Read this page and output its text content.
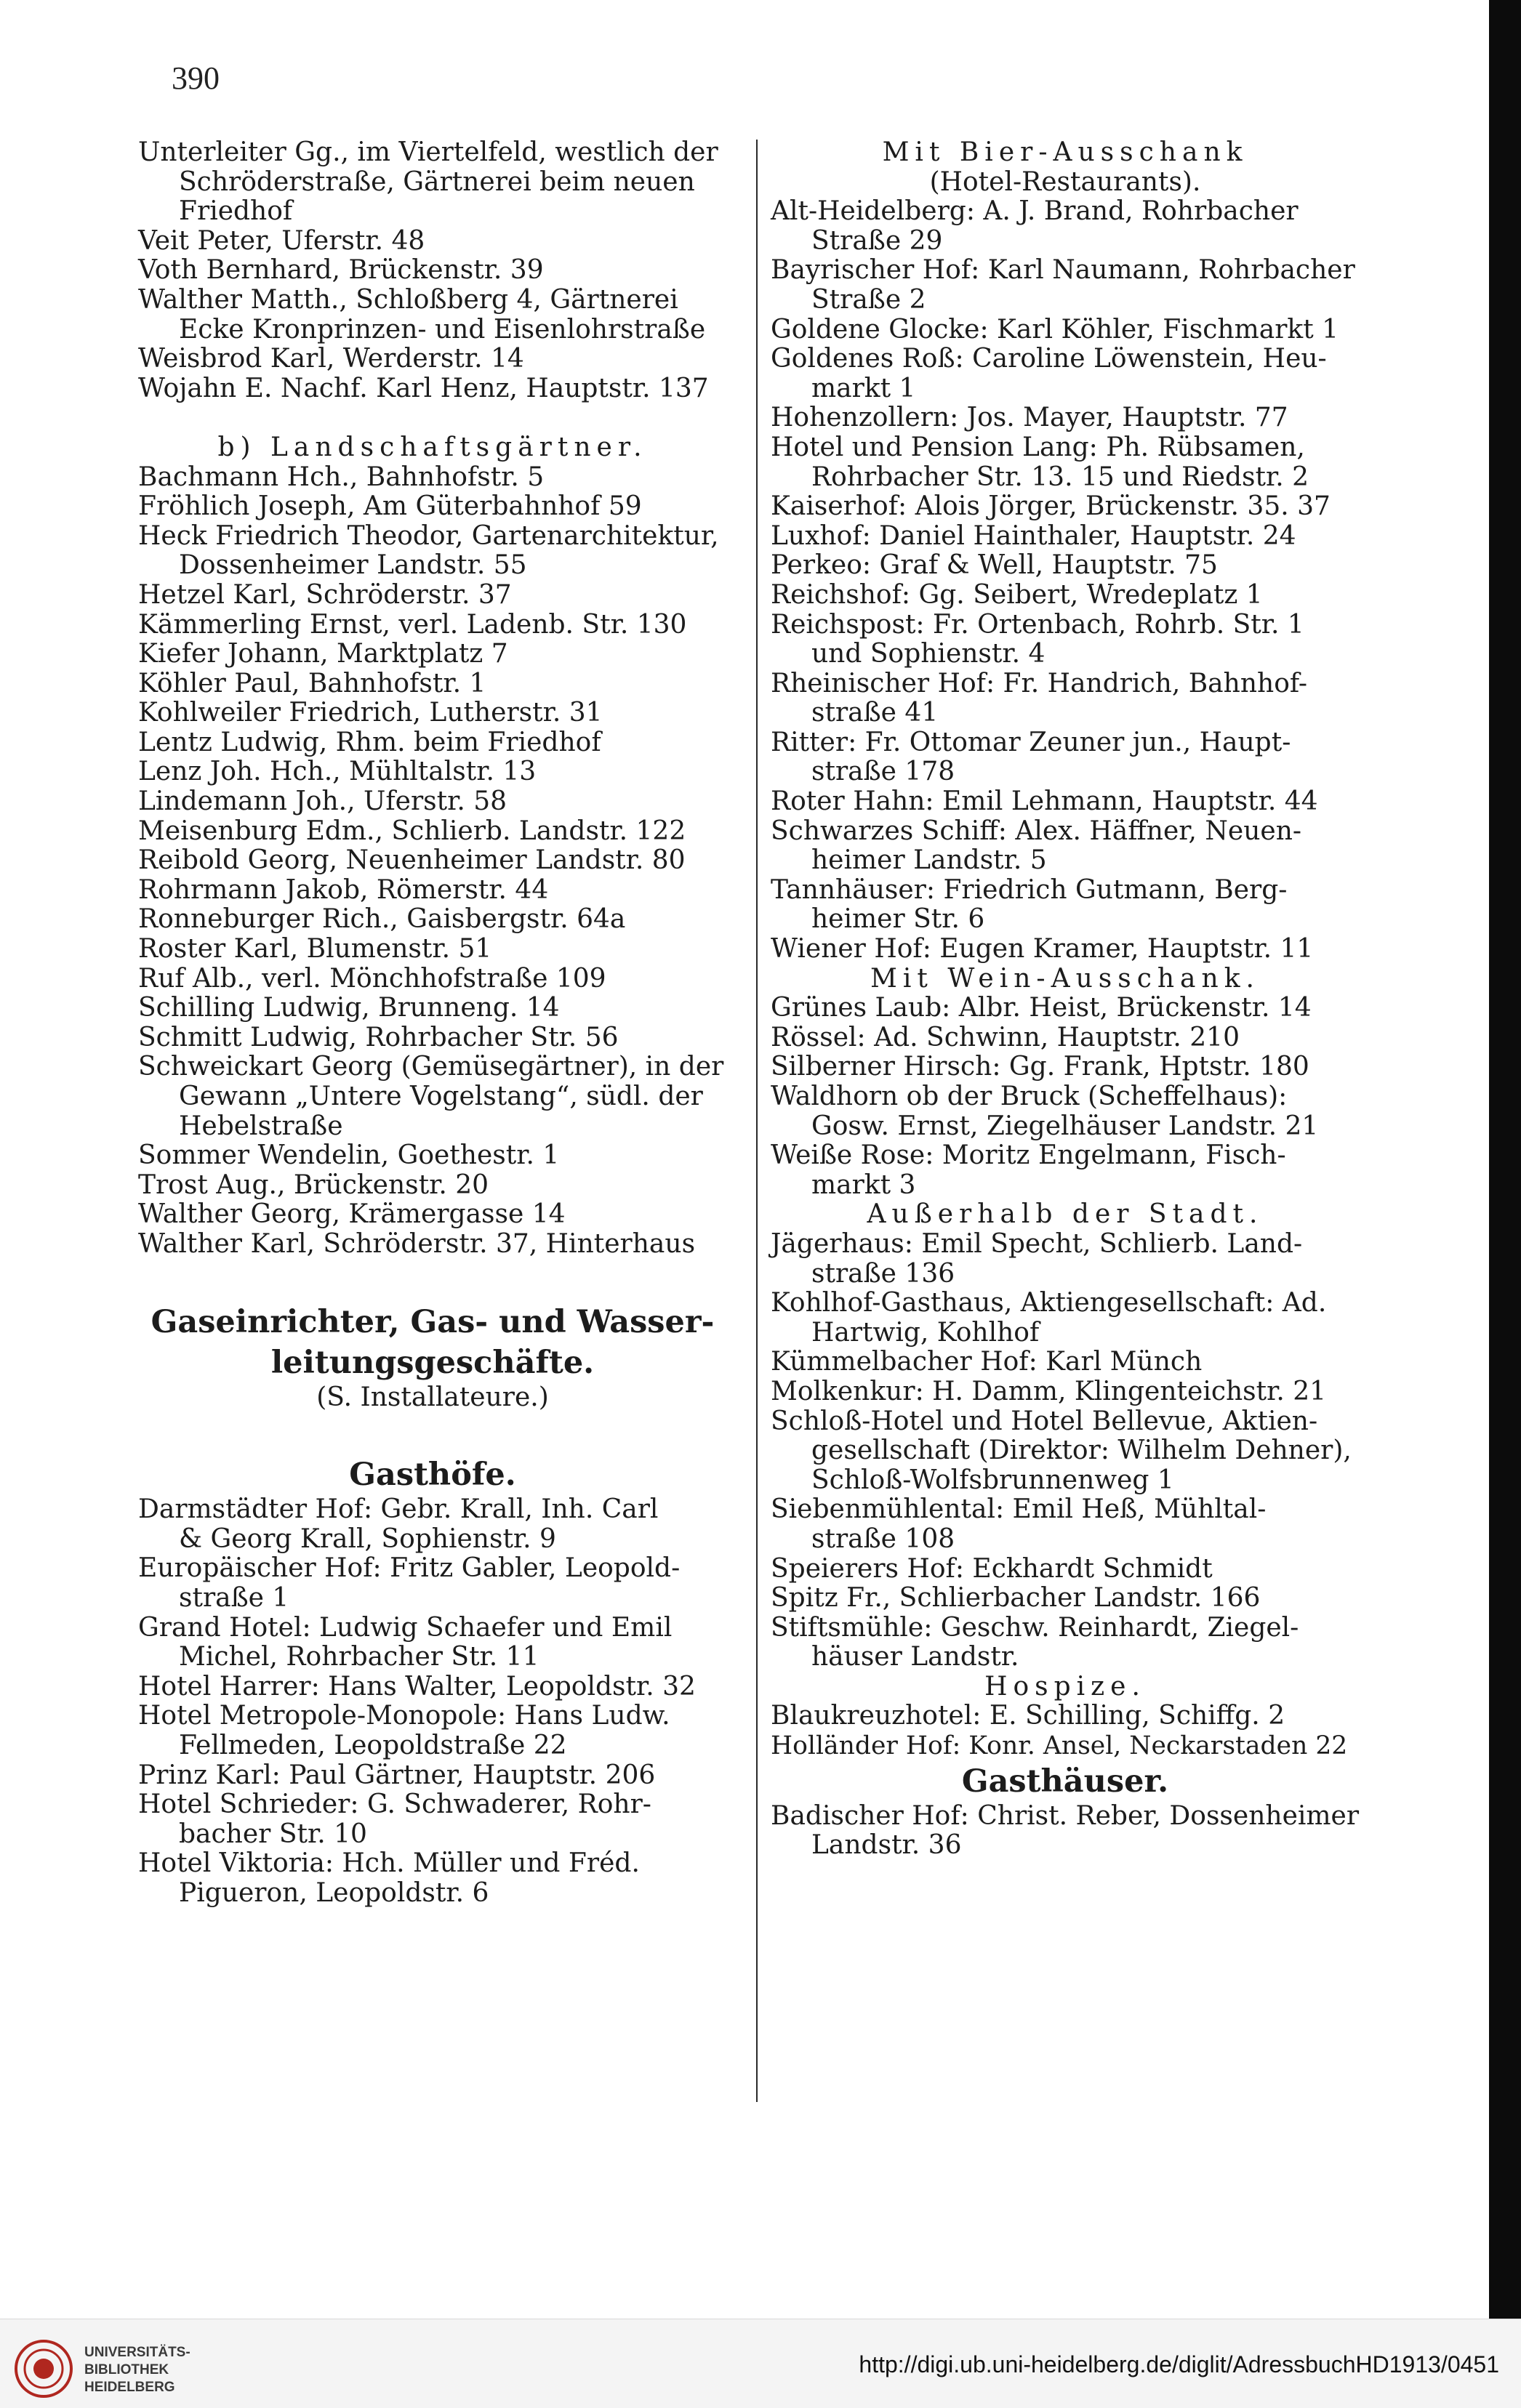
390
Unterleiter Gg., im Viertelfeld, westlich der
Schröderstraße, Gärtnerei beim neuen
Friedhof
Veit Peter, Uferstr. 48
Voth Bernhard, Brückenstr. 39
Walther Matth., Schloßberg 4, Gärtnerei
Ecke Kronprinzen- und Eisenlohrstraße
Weisbrod Karl, Werderstr. 14
Wojahn E. Nachf. Karl Henz, Hauptstr. 137
b) Landschaftsgärtner.
Bachmann Hch., Bahnhofstr. 5
Fröhlich Joseph, Am Güterbahnhof 59
Heck Friedrich Theodor, Gartenarchitektur,
Dossenheimer Landstr. 55
Hetzel Karl, Schröderstr. 37
Kämmerling Ernst, verl. Ladenb. Str. 130
Kiefer Johann, Marktplatz 7
Köhler Paul, Bahnhofstr. 1
Kohlweiler Friedrich, Lutherstr. 31
Lentz Ludwig, Rhm. beim Friedhof
Lenz Joh. Hch., Mühltalstr. 13
Lindemann Joh., Uferstr. 58
Meisenburg Edm., Schlierb. Landstr. 122
Reibold Georg, Neuenheimer Landstr. 80
Rohrmann Jakob, Römerstr. 44
Ronneburger Rich., Gaisbergstr. 64a
Roster Karl, Blumenstr. 51
Ruf Alb., verl. Mönchhofstraße 109
Schilling Ludwig, Brunneng. 14
Schmitt Ludwig, Rohrbacher Str. 56
Schweickart Georg (Gemüsegärtner), in der
Gewann „Untere Vogelstang“, südl. der
Hebelstraße
Sommer Wendelin, Goethestr. 1
Trost Aug., Brückenstr. 20
Walther Georg, Krämergasse 14
Walther Karl, Schröderstr. 37, Hinterhaus
Gaseinrichter, Gas- und Wasser-
leitungsgeschäfte.
(S. Installateure.)
Gasthöfe.
Darmstädter Hof: Gebr. Krall, Inh. Carl
& Georg Krall, Sophienstr. 9
Europäischer Hof: Fritz Gabler, Leopold-
straße 1
Grand Hotel: Ludwig Schaefer und Emil
Michel, Rohrbacher Str. 11
Hotel Harrer: Hans Walter, Leopoldstr. 32
Hotel Metropole-Monopole: Hans Ludw.
Fellmeden, Leopoldstraße 22
Prinz Karl: Paul Gärtner, Hauptstr. 206
Hotel Schrieder: G. Schwaderer, Rohr-
bacher Str. 10
Hotel Viktoria: Hch. Müller und Fréd.
Pigueron, Leopoldstr. 6
Mit Bier-Ausschank
(Hotel-Restaurants).
Alt-Heidelberg: A. J. Brand, Rohrbacher
Straße 29
Bayrischer Hof: Karl Naumann, Rohrbacher
Straße 2
Goldene Glocke: Karl Köhler, Fischmarkt 1
Goldenes Roß: Caroline Löwenstein, Heu-
markt 1
Hohenzollern: Jos. Mayer, Hauptstr. 77
Hotel und Pension Lang: Ph. Rübsamen,
Rohrbacher Str. 13. 15 und Riedstr. 2
Kaiserhof: Alois Jörger, Brückenstr. 35. 37
Luxhof: Daniel Hainthaler, Hauptstr. 24
Perkeo: Graf & Well, Hauptstr. 75
Reichshof: Gg. Seibert, Wredeplatz 1
Reichspost: Fr. Ortenbach, Rohrb. Str. 1
und Sophienstr. 4
Rheinischer Hof: Fr. Handrich, Bahnhof-
straße 41
Ritter: Fr. Ottomar Zeuner jun., Haupt-
straße 178
Roter Hahn: Emil Lehmann, Hauptstr. 44
Schwarzes Schiff: Alex. Häffner, Neuen-
heimer Landstr. 5
Tannhäuser: Friedrich Gutmann, Berg-
heimer Str. 6
Wiener Hof: Eugen Kramer, Hauptstr. 11
Mit Wein-Ausschank.
Grünes Laub: Albr. Heist, Brückenstr. 14
Rössel: Ad. Schwinn, Hauptstr. 210
Silberner Hirsch: Gg. Frank, Hptstr. 180
Waldhorn ob der Bruck (Scheffelhaus):
Gosw. Ernst, Ziegelhäuser Landstr. 21
Weiße Rose: Moritz Engelmann, Fisch-
markt 3
Außerhalb der Stadt.
Jägerhaus: Emil Specht, Schlierb. Land-
straße 136
Kohlhof-Gasthaus, Aktiengesellschaft: Ad.
Hartwig, Kohlhof
Kümmelbacher Hof: Karl Münch
Molkenkur: H. Damm, Klingenteichstr. 21
Schloß-Hotel und Hotel Bellevue, Aktien-
gesellschaft (Direktor: Wilhelm Dehner),
Schloß-Wolfsbrunnenweg 1
Siebenmühlental: Emil Heß, Mühltal-
straße 108
Speierers Hof: Eckhardt Schmidt
Spitz Fr., Schlierbacher Landstr. 166
Stiftsmühle: Geschw. Reinhardt, Ziegel-
häuser Landstr.
Hospize.
Blaukreuzhotel: E. Schilling, Schiffg. 2
Holländer Hof: Konr. Ansel, Neckarstaden 22
Gasthäuser.
Badischer Hof: Christ. Reber, Dossenheimer
Landstr. 36
UNIVERSITÄTS-
BIBLIOTHEK
HEIDELBERG
http://digi.ub.uni-heidelberg.de/diglit/AdressbuchHD1913/0451
